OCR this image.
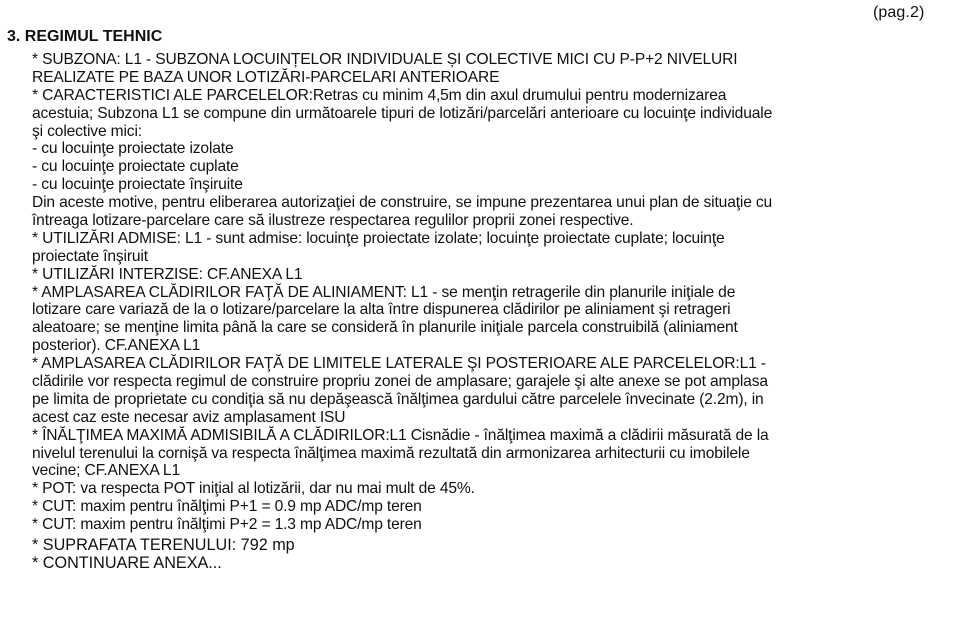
(pag.2)
3. REGIMUL TEHNIC
* SUBZONA: L1 - SUBZONA LOCUINȚELOR INDIVIDUALE ȘI COLECTIVE MICI CU P-P+2 NIVELURI
REALIZATE PE BAZA UNOR LOTIZĂRI-PARCELARI ANTERIOARE
* CARACTERISTICI ALE PARCELELOR:Retras cu minim 4,5m din axul drumului pentru modernizarea
acestuia; Subzona L1 se compune din următoarele tipuri de lotizări/parcelări anterioare cu locuinţe individuale
şi colective mici:
- cu locuinţe proiectate izolate
- cu locuinţe proiectate cuplate
- cu locuinţe proiectate înşiruite
Din aceste motive, pentru eliberarea autorizaţiei de construire, se impune prezentarea unui plan de situaţie cu
întreaga lotizare-parcelare care să ilustreze respectarea regulilor proprii zonei respective.
* UTILIZĂRI ADMISE: L1 - sunt admise: locuinţe proiectate izolate; locuinţe proiectate cuplate; locuinţe
proiectate înşiruit
* UTILIZĂRI INTERZISE: CF.ANEXA L1
* AMPLASAREA CLĂDIRILOR FAŢĂ DE ALINIAMENT: L1 - se menţin retragerile din planurile iniţiale de
lotizare care variază de la o lotizare/parcelare la alta între dispunerea clădirilor pe aliniament şi retrageri
aleatoare; se menţine limita până la care se consideră în planurile iniţiale parcela construibilă (aliniament
posterior). CF.ANEXA L1
* AMPLASAREA CLĂDIRILOR FAŢĂ DE LIMITELE LATERALE ŞI POSTERIOARE ALE PARCELELOR:L1 -
clădirile vor respecta regimul de construire propriu zonei de amplasare; garajele şi alte anexe se pot amplasa
pe limita de proprietate cu condiţia să nu depăşească înălţimea gardului către parcelele învecinate (2.2m), in
acest caz este necesar aviz amplasament ISU
* ÎNĂLŢIMEA MAXIMĂ ADMISIBILĂ A CLĂDIRILOR:L1 Cisnădie - înălţimea maximă a clădirii măsurată de la
nivelul terenului la cornişă va respecta înălţimea maximă rezultată din armonizarea arhitecturii cu imobilele
vecine; CF.ANEXA L1
* POT: va respecta POT iniţial al lotizării, dar nu mai mult de 45%.
* CUT: maxim pentru înălţimi P+1 = 0.9 mp ADC/mp teren
* CUT: maxim pentru înălţimi P+2 = 1.3 mp ADC/mp teren
* SUPRAFATA TERENULUI: 792 mp
* CONTINUARE ANEXA...
